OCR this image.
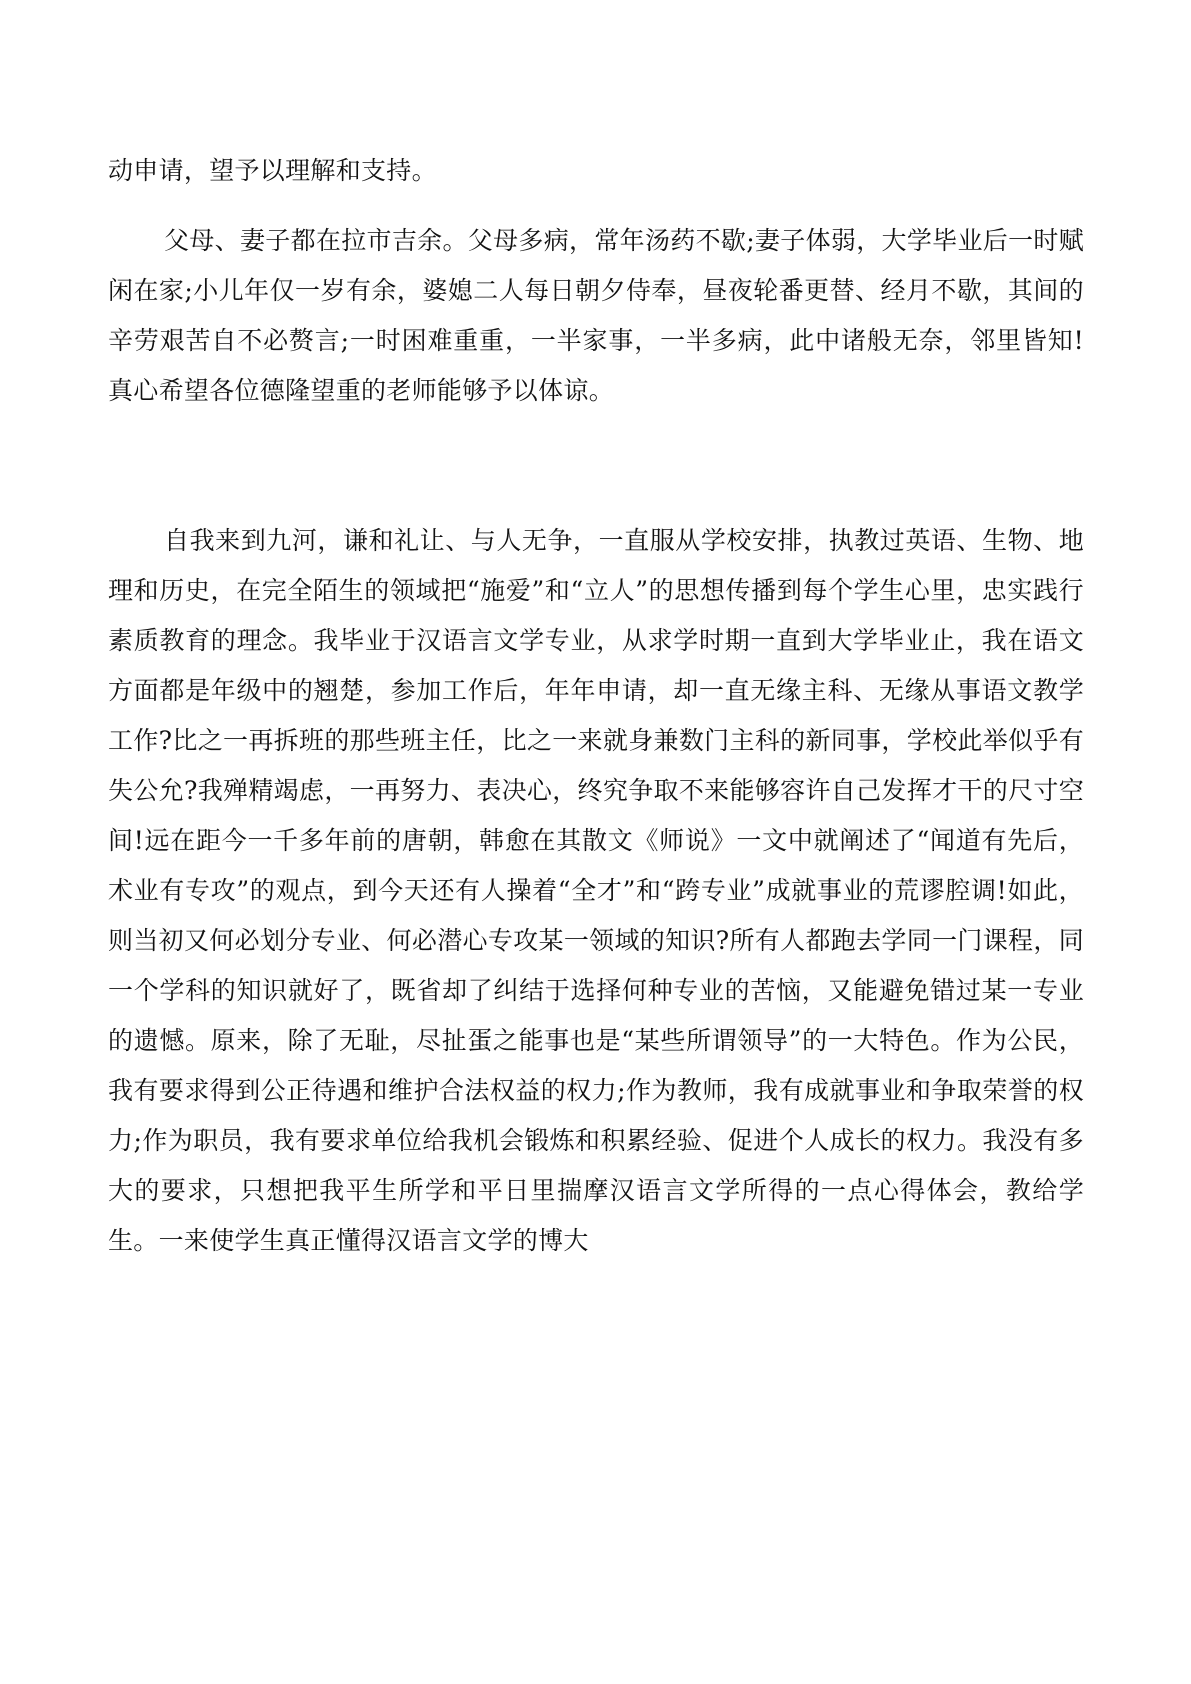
动申请，望予以理解和支持。
父母、妻子都在拉市吉余。父母多病，常年汤药不歇;妻子体弱，大学毕业后一时赋闲在家;小儿年仅一岁有余，婆媳二人每日朝夕侍奉，昼夜轮番更替、经月不歇，其间的辛劳艰苦自不必赘言;一时困难重重，一半家事，一半多病，此中诸般无奈，邻里皆知!真心希望各位德隆望重的老师能够予以体谅。
自我来到九河，谦和礼让、与人无争，一直服从学校安排，执教过英语、生物、地理和历史，在完全陌生的领域把“施爱”和“立人”的思想传播到每个学生心里，忠实践行素质教育的理念。我毕业于汉语言文学专业，从求学时期一直到大学毕业止，我在语文方面都是年级中的翘楚，参加工作后，年年申请，却一直无缘主科、无缘从事语文教学工作?比之一再拆班的那些班主任，比之一来就身兼数门主科的新同事，学校此举似乎有失公允?我殚精竭虑，一再努力、表决心，终究争取不来能够容许自己发挥才干的尺寸空间!远在距今一千多年前的唐朝，韩愈在其散文《师说》一文中就阐述了“闻道有先后，术业有专攻”的观点，到今天还有人操着“全才”和“跨专业”成就事业的荒谬腔调!如此，则当初又何必划分专业、何必潜心专攻某一领域的知识?所有人都跑去学同一门课程，同一个学科的知识就好了，既省却了纠结于选择何种专业的苦恼，又能避免错过某一专业的遗憾。原来，除了无耻，尽扯蛋之能事也是“某些所谓领导”的一大特色。作为公民，我有要求得到公正待遇和维护合法权益的权力;作为教师，我有成就事业和争取荣誉的权力;作为职员，我有要求单位给我机会锻炼和积累经验、促进个人成长的权力。我没有多大的要求，只想把我平生所学和平日里揣摩汉语言文学所得的一点心得体会，教给学生。一来使学生真正懂得汉语言文学的博大
